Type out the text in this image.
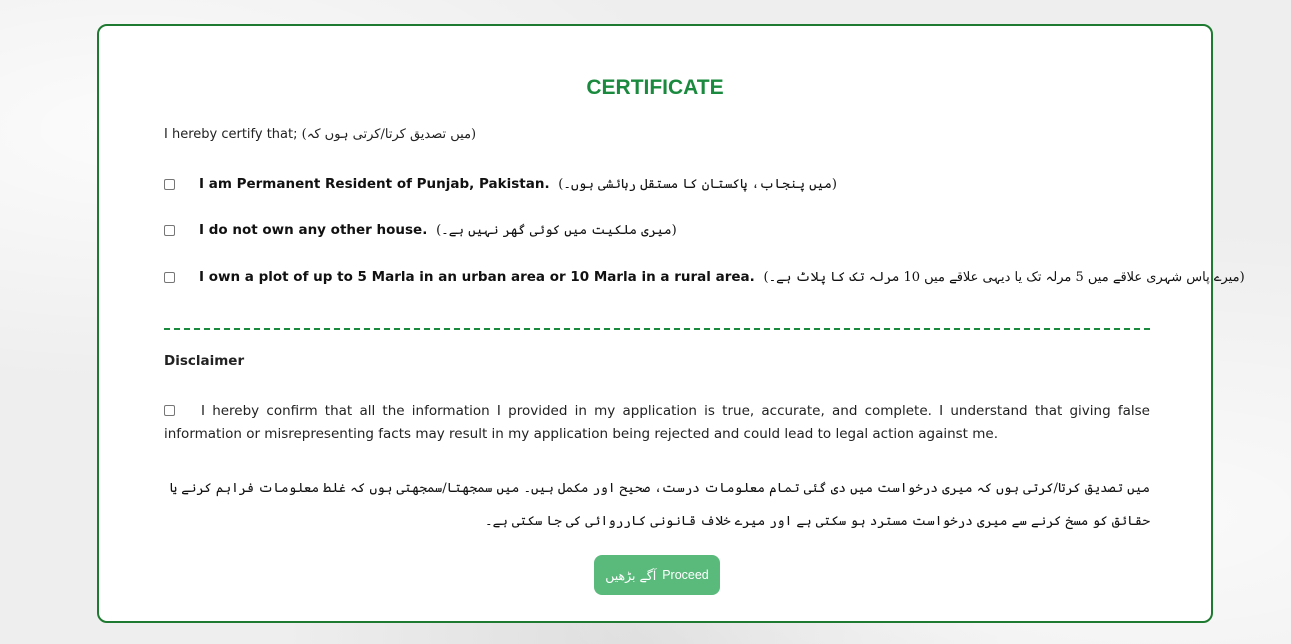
CERTIFICATE
I hereby certify that; (میں تصدیق کرتا/کرتی ہوں کہ)
I am Permanent Resident of Punjab, Pakistan. (میں پنجاب، پاکستان کا مستقل رہائشی ہوں۔)
I do not own any other house. (میری ملکیت میں کوئی گھر نہیں ہے۔)
I own a plot of up to 5 Marla in an urban area or 10 Marla in a rural area. (میرے پاس شہری علاقے میں 5 مرلہ تک یا دیہی علاقے میں 10 مرلہ تک کا پلاٹ ہے۔)
Disclaimer
I hereby confirm that all the information I provided in my application is true, accurate, and complete. I understand that giving false information or misrepresenting facts may result in my application being rejected and could lead to legal action against me.
میں تصدیق کرتا/کرتی ہوں کہ میری درخواست میں دی گئی تمام معلومات درست، صحیح اور مکمل ہیں۔ میں سمجھتا/سمجھتی ہوں کہ غلط معلومات فراہم کرنے یا حقائق کو مسخ کرنے سے میری درخواست مسترد ہو سکتی ہے اور میرے خلاف قانونی کارروائی کی جا سکتی ہے۔
آگے بڑھیں Proceed
